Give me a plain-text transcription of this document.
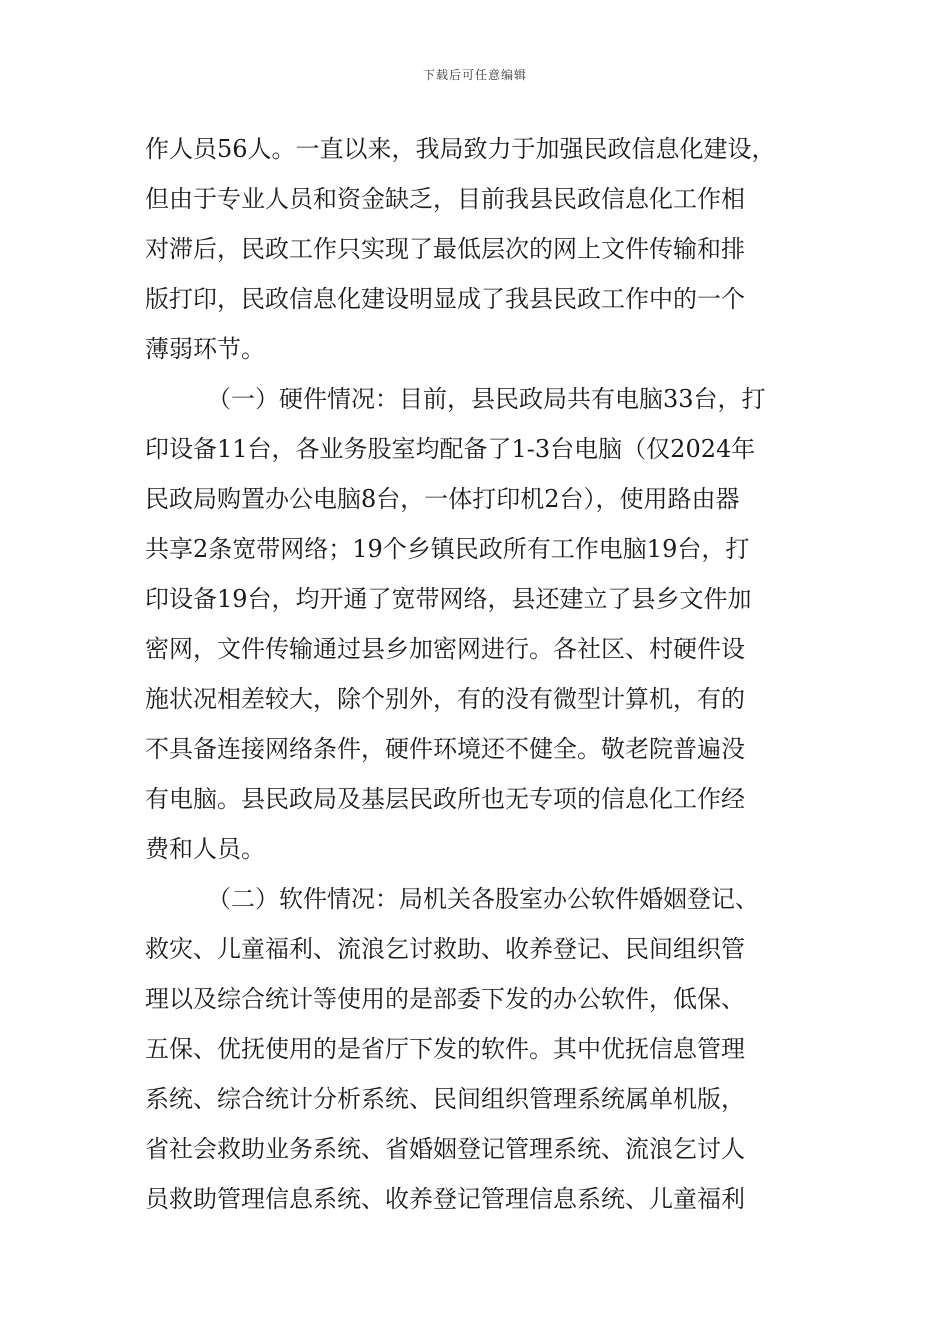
下载后可任意编辑
作人员56人。一直以来，我局致力于加强民政信息化建设，
但由于专业人员和资金缺乏，目前我县民政信息化工作相
对滞后，民政工作只实现了最低层次的网上文件传输和排
版打印，民政信息化建设明显成了我县民政工作中的一个
薄弱环节。
（一）硬件情况：目前，县民政局共有电脑33台，打
印设备11台，各业务股室均配备了1-3台电脑（仅2024年
民政局购置办公电脑8台，一体打印机2台），使用路由器
共享2条宽带网络；19个乡镇民政所有工作电脑19台，打
印设备19台，均开通了宽带网络，县还建立了县乡文件加
密网，文件传输通过县乡加密网进行。各社区、村硬件设
施状况相差较大，除个别外，有的没有微型计算机，有的
不具备连接网络条件，硬件环境还不健全。敬老院普遍没
有电脑。县民政局及基层民政所也无专项的信息化工作经
费和人员。
（二）软件情况：局机关各股室办公软件婚姻登记、
救灾、儿童福利、流浪乞讨救助、收养登记、民间组织管
理以及综合统计等使用的是部委下发的办公软件，低保、
五保、优抚使用的是省厅下发的软件。其中优抚信息管理
系统、综合统计分析系统、民间组织管理系统属单机版，
省社会救助业务系统、省婚姻登记管理系统、流浪乞讨人
员救助管理信息系统、收养登记管理信息系统、儿童福利
